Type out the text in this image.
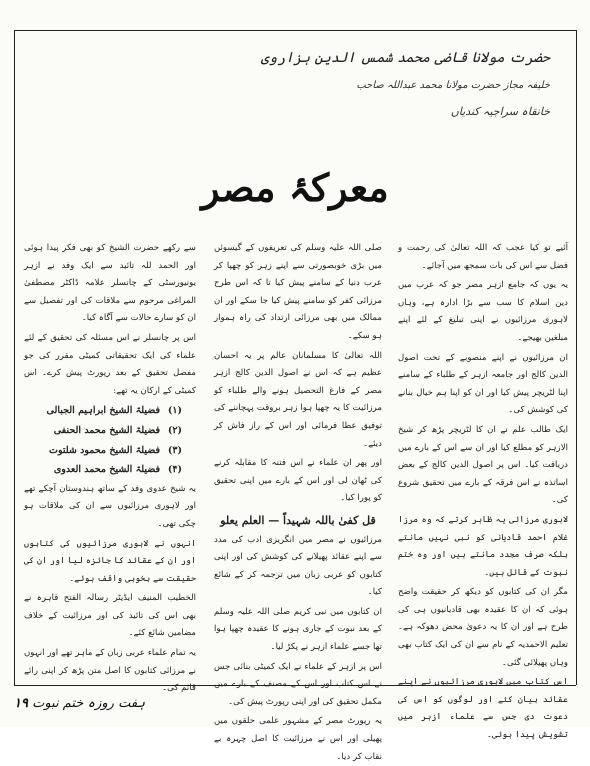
حضرت مولانا قاضی محمد شمس الدین ہزاروی
خلیفہ مجاز حضرت مولانا محمد عبداللہ صاحب
خانقاہ سراجیہ کندیاں
معرکۂ مصر

آئیے تو کیا عجب کہ اللہ تعالیٰ کی رحمت و فضل سے اس کی بات سمجھ میں آجائے۔

یہ یوں کہ جامع ازہر مصر جو کہ عرب میں دین اسلام کا سب سے بڑا ادارہ ہے، وہاں لاہوری مرزائیوں نے اپنی تبلیغ کے لئے اپنے مبلغین بھیجے۔

ان مرزائیوں نے اپنے منصوبے کے تحت اصول الدین کالج اور جامعہ ازہر کے طلباء کے سامنے اپنا لٹریچر پیش کیا اور ان کو اپنا ہم خیال بنانے کی کوشش کی۔

ایک طالب علم نے ان کا لٹریچر پڑھ کر شیخ الازہر کو مطلع کیا اور ان سے اس کے بارے میں دریافت کیا۔ اس پر اصول الدین کالج کے بعض اساتذہ نے اس فرقہ کے بارے میں تحقیق شروع کی۔

لاہوری مرزائی یہ ظاہر کرتے کہ وہ مرزا غلام احمد قادیانی کو نبی نہیں مانتے بلکہ صرف مجدد مانتے ہیں اور وہ ختم نبوت کے قائل ہیں۔

مگر ان کی کتابوں کو دیکھ کر حقیقت واضح ہوئی کہ ان کا عقیدہ بھی قادیانیوں ہی کی طرح ہے اور ان کا یہ دعویٰ محض دھوکہ ہے۔ تعلیم الاحمدیہ کے نام سے ان کی ایک کتاب بھی وہاں پھیلائی گئی۔

اس کتاب میں لاہوری مرزائیوں نے اپنے عقائد بیان کئے اور لوگوں کو اس کی دعوت دی جس سے علماء ازہر میں تشویش پیدا ہوئی۔

صلی اللہ علیہ وسلم کی تعریفوں کے گیسوئں میں بڑی خوبصورتی سے اپنے زہر کو چھپا کر عرب دنیا کے سامنے پیش کیا تا کہ اس طرح مرزائی کفر کو سامنے پیش کیا جا سکے اور ان ممالک میں بھی مرزائی ارتداد کی راہ ہموار ہو سکے۔

اللہ تعالیٰ کا مسلمانان عالم پر یہ احسان عظیم ہے کہ اس نے اصول الدین کالج ازہر مصر کے فارغ التحصیل ہونے والے طلباء کو مرزائیت کا یہ چھپا ہوا زہر بروقت پہچاننے کی توفیق عطا فرمائی اور اس کے راز فاش کر دیئے۔

اور پھر ان علماء نے اس فتنہ کا مقابلہ کرنے کی ٹھان لی اور اس کے بارے میں اپنی تحقیق کو پورا کیا۔

قل کفیٰ باللہ شہیداً — العلم یعلو

مرزائیوں نے مصر میں انگریزی ادب کی مدد سے اپنے عقائد پھیلانے کی کوشش کی اور اپنی کتابوں کو عربی زبان میں ترجمہ کر کے شائع کیا۔

ان کتابوں میں نبی کریم صلی اللہ علیہ وسلم کے بعد نبوت کے جاری ہونے کا عقیدہ چھپا ہوا تھا جسے علماء ازہر نے پکڑ لیا۔

اس پر ازہر کے علماء نے ایک کمیٹی بنائی جس نے اس کتاب اور اس کے مصنف کے بارے میں مکمل تحقیق کی اور اپنی رپورٹ پیش کی۔

یہ رپورٹ مصر کے مشہور علمی حلقوں میں پھیلی اور اس نے مرزائیت کا اصل چہرہ بے نقاب کر دیا۔

سے رکھے حضرت الشیخ کو بھی فکر پیدا ہوئی اور الحمد للہ تائید سے ایک وفد نے ازہر یونیورسٹی کے چانسلر علامہ ڈاکٹر مصطفیٰ المراغی مرحوم سے ملاقات کی اور تفصیل سے ان کو سارے حالات سے آگاہ کیا۔

اس پر چانسلر نے اس مسئلہ کی تحقیق کے لئے علماء کی ایک تحقیقاتی کمیٹی مقرر کی جو مفصل تحقیق کے بعد رپورٹ پیش کرے۔ اس کمیٹی کے ارکان یہ تھے:

(۱)فضیلۃ الشیخ ابراہیم الجبالی
(۲)فضیلۃ الشیخ محمد الحنفی
(۳)فضیلۃ الشیخ محمود شلتوت
(۴)فضیلۃ الشیخ محمد العدوی

یہ شیخ عدوی وفد کے ساتھ ہندوستان آچکے تھے اور لاہوری مرزائیوں سے ان کی ملاقات ہو چکی تھی۔

انہوں نے لاہوری مرزائیوں کی کتابوں اور ان کے عقائد کا جائزہ لیا اور ان کی حقیقت سے بخوبی واقف ہوئے۔

الخطیب المنیف ایڈیٹر رسالہ الفتح قاہرہ نے بھی اس کی تائید کی اور مرزائیت کے خلاف مضامین شائع کئے۔

یہ تمام علماء عربی زبان کے ماہر تھے اور انہوں نے مرزائی کتابوں کا اصل متن پڑھ کر اپنی رائے قائم کی۔

ہفت روزہ ختم نبوت ۱۹
